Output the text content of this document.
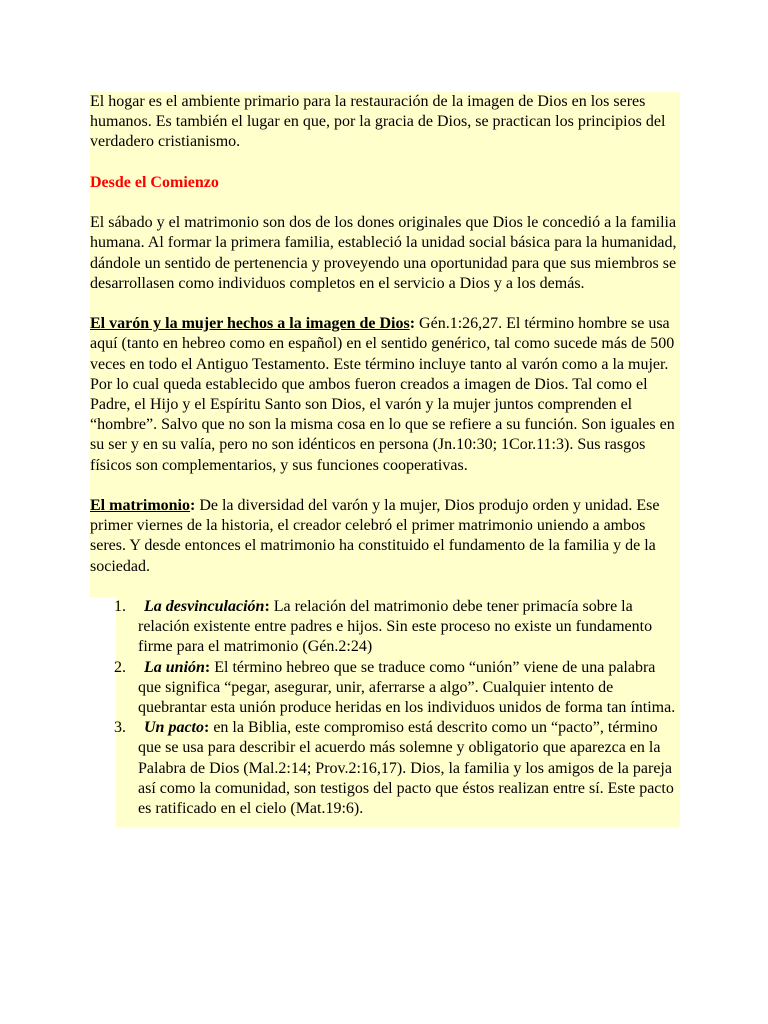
El hogar es el ambiente primario para la restauración de la imagen de Dios en los seres humanos. Es también el lugar en que, por la gracia de Dios, se practican los principios del verdadero cristianismo.

Desde el Comienzo

El sábado y el matrimonio son dos de los dones originales que Dios le concedió a la familia humana. Al formar la primera familia, estableció la unidad social básica para la humanidad, dándole un sentido de pertenencia y proveyendo una oportunidad para que sus miembros se desarrollasen como individuos completos en el servicio a Dios y a los demás.

El varón y la mujer hechos a la imagen de Dios: Gén.1:26,27. El término hombre se usa aquí (tanto en hebreo como en español) en el sentido genérico, tal como sucede más de 500 veces en todo el Antiguo Testamento. Este término incluye tanto al varón como a la mujer. Por lo cual queda establecido que ambos fueron creados a imagen de Dios. Tal como el Padre, el Hijo y el Espíritu Santo son Dios, el varón y la mujer juntos comprenden el “hombre”. Salvo que no son la misma cosa en lo que se refiere a su función. Son iguales en su ser y en su valía, pero no son idénticos en persona (Jn.10:30; 1Cor.11:3). Sus rasgos físicos son complementarios, y sus funciones cooperativas.

El matrimonio: De la diversidad del varón y la mujer, Dios produjo orden y unidad. Ese primer viernes de la historia, el creador celebró el primer matrimonio uniendo a ambos seres. Y desde entonces el matrimonio ha constituido el fundamento de la familia y de la sociedad.

1. La desvinculación: La relación del matrimonio debe tener primacía sobre la relación existente entre padres e hijos. Sin este proceso no existe un fundamento firme para el matrimonio (Gén.2:24)
2. La unión: El término hebreo que se traduce como “unión” viene de una palabra que significa “pegar, asegurar, unir, aferrarse a algo”. Cualquier intento de quebrantar esta unión produce heridas en los individuos unidos de forma tan íntima.
3. Un pacto: en la Biblia, este compromiso está descrito como un “pacto”, término que se usa para describir el acuerdo más solemne y obligatorio que aparezca en la Palabra de Dios (Mal.2:14; Prov.2:16,17). Dios, la familia y los amigos de la pareja así como la comunidad, son testigos del pacto que éstos realizan entre sí. Este pacto es ratificado en el cielo (Mat.19:6).
